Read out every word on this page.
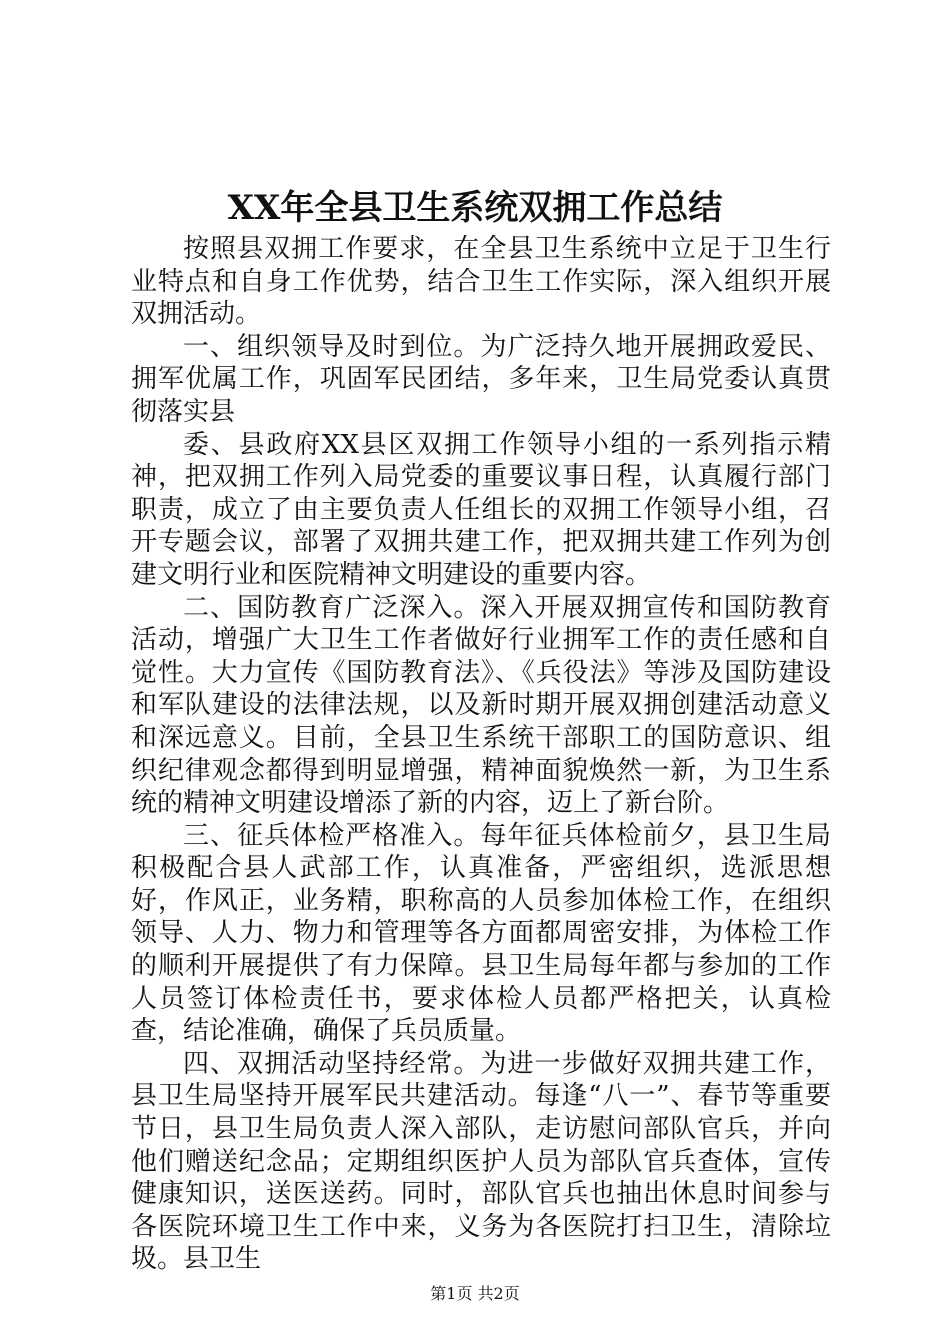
XX年全县卫生系统双拥工作总结

按照县双拥工作要求，在全县卫生系统中立足于卫生行业特点和自身工作优势，结合卫生工作实际，深入组织开展双拥活动。

一、组织领导及时到位。为广泛持久地开展拥政爱民、拥军优属工作，巩固军民团结，多年来，卫生局党委认真贯彻落实县

委、县政府XX县区双拥工作领导小组的一系列指示精神，把双拥工作列入局党委的重要议事日程，认真履行部门职责，成立了由主要负责人任组长的双拥工作领导小组，召开专题会议，部署了双拥共建工作，把双拥共建工作列为创建文明行业和医院精神文明建设的重要内容。

二、国防教育广泛深入。深入开展双拥宣传和国防教育活动，增强广大卫生工作者做好行业拥军工作的责任感和自觉性。大力宣传《国防教育法》、《兵役法》等涉及国防建设和军队建设的法律法规，以及新时期开展双拥创建活动意义和深远意义。目前，全县卫生系统干部职工的国防意识、组织纪律观念都得到明显增强，精神面貌焕然一新，为卫生系统的精神文明建设增添了新的内容，迈上了新台阶。

三、征兵体检严格准入。每年征兵体检前夕，县卫生局积极配合县人武部工作，认真准备，严密组织，选派思想好，作风正，业务精，职称高的人员参加体检工作，在组织领导、人力、物力和管理等各方面都周密安排，为体检工作的顺利开展提供了有力保障。县卫生局每年都与参加的工作人员签订体检责任书，要求体检人员都严格把关，认真检查，结论准确，确保了兵员质量。

四、双拥活动坚持经常。为进一步做好双拥共建工作，县卫生局坚持开展军民共建活动。每逢“八一”、春节等重要节日，县卫生局负责人深入部队，走访慰问部队官兵，并向他们赠送纪念品；定期组织医护人员为部队官兵查体，宣传健康知识，送医送药。同时，部队官兵也抽出休息时间参与各医院环境卫生工作中来，义务为各医院打扫卫生，清除垃圾。县卫生

第1页 共2页
